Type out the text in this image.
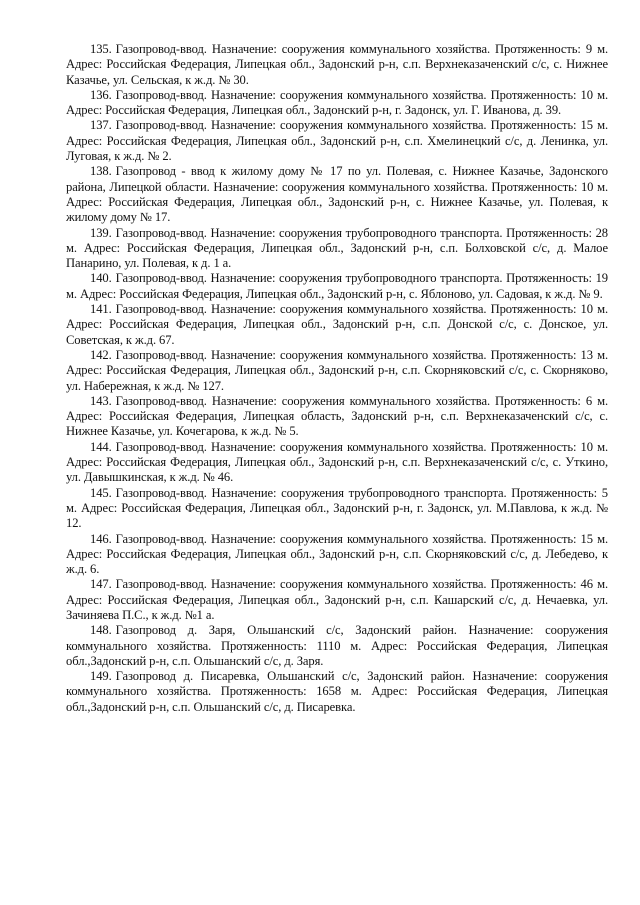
135. Газопровод-ввод. Назначение: сооружения коммунального хозяйства. Протяженность: 9 м. Адрес: Российская Федерация, Липецкая обл., Задонский р-н, с.п. Верхнеказаченский с/с, с. Нижнее Казачье, ул. Сельская, к ж.д. № 30.

136. Газопровод-ввод. Назначение: сооружения коммунального хозяйства. Протяженность: 10 м. Адрес: Российская Федерация, Липецкая обл., Задонский р-н, г. Задонск, ул. Г. Иванова, д. 39.

137. Газопровод-ввод. Назначение: сооружения коммунального хозяйства. Протяженность: 15 м. Адрес: Российская Федерация, Липецкая обл., Задонский р-н, с.п. Хмелинецкий с/с, д. Ленинка, ул. Луговая, к ж.д. № 2.

138. Газопровод - ввод к жилому дому № 17 по ул. Полевая, с. Нижнее Казачье, Задонского района, Липецкой области. Назначение: сооружения коммунального хозяйства. Протяженность: 10 м. Адрес: Российская Федерация, Липецкая обл., Задонский р-н, с. Нижнее Казачье, ул. Полевая, к жилому дому № 17.

139. Газопровод-ввод. Назначение: сооружения трубопроводного транспорта. Протяженность: 28 м. Адрес: Российская Федерация, Липецкая обл., Задонский р-н, с.п. Болховской с/с, д. Малое Панарино, ул. Полевая, к д. 1 а.

140. Газопровод-ввод. Назначение: сооружения трубопроводного транспорта. Протяженность: 19 м. Адрес: Российская Федерация, Липецкая обл., Задонский р-н, с. Яблоново, ул. Садовая, к ж.д. № 9.

141. Газопровод-ввод. Назначение: сооружения коммунального хозяйства. Протяженность: 10 м. Адрес: Российская Федерация, Липецкая обл., Задонский р-н, с.п. Донской с/с, с. Донское, ул. Советская, к ж.д. 67.

142. Газопровод-ввод. Назначение: сооружения коммунального хозяйства. Протяженность: 13 м. Адрес: Российская Федерация, Липецкая обл., Задонский р-н, с.п. Скорняковский с/с, с. Скорняково, ул. Набережная, к ж.д. № 127.

143. Газопровод-ввод. Назначение: сооружения коммунального хозяйства. Протяженность: 6 м. Адрес: Российская Федерация, Липецкая область, Задонский р-н, с.п. Верхнеказаченский с/с, с. Нижнее Казачье, ул. Кочегарова, к ж.д. № 5.

144. Газопровод-ввод. Назначение: сооружения коммунального хозяйства. Протяженность: 10 м. Адрес: Российская Федерация, Липецкая обл., Задонский р-н, с.п. Верхнеказаченский с/с, с. Уткино, ул. Давышкинская, к ж.д. № 46.

145. Газопровод-ввод. Назначение: сооружения трубопроводного транспорта. Протяженность: 5 м. Адрес: Российская Федерация, Липецкая обл., Задонский р-н, г. Задонск, ул. М.Павлова, к ж.д. № 12.

146. Газопровод-ввод. Назначение: сооружения коммунального хозяйства. Протяженность: 15 м. Адрес: Российская Федерация, Липецкая обл., Задонский р-н, с.п. Скорняковский с/с, д. Лебедево, к ж.д. 6.

147. Газопровод-ввод. Назначение: сооружения коммунального хозяйства. Протяженность: 46 м. Адрес: Российская Федерация, Липецкая обл., Задонский р-н, с.п. Кашарский с/с, д. Нечаевка, ул. Зачиняева П.С., к ж.д. №1 а.

148. Газопровод д. Заря, Ольшанский с/с, Задонский район. Назначение: сооружения коммунального хозяйства. Протяженность: 1110 м. Адрес: Российская Федерация, Липецкая обл.,Задонский р-н, с.п. Ольшанский с/с, д. Заря.

149. Газопровод д. Писаревка, Ольшанский с/с, Задонский район. Назначение: сооружения коммунального хозяйства. Протяженность: 1658 м. Адрес: Российская Федерация, Липецкая обл.,Задонский р-н, с.п. Ольшанский с/с, д. Писаревка.
